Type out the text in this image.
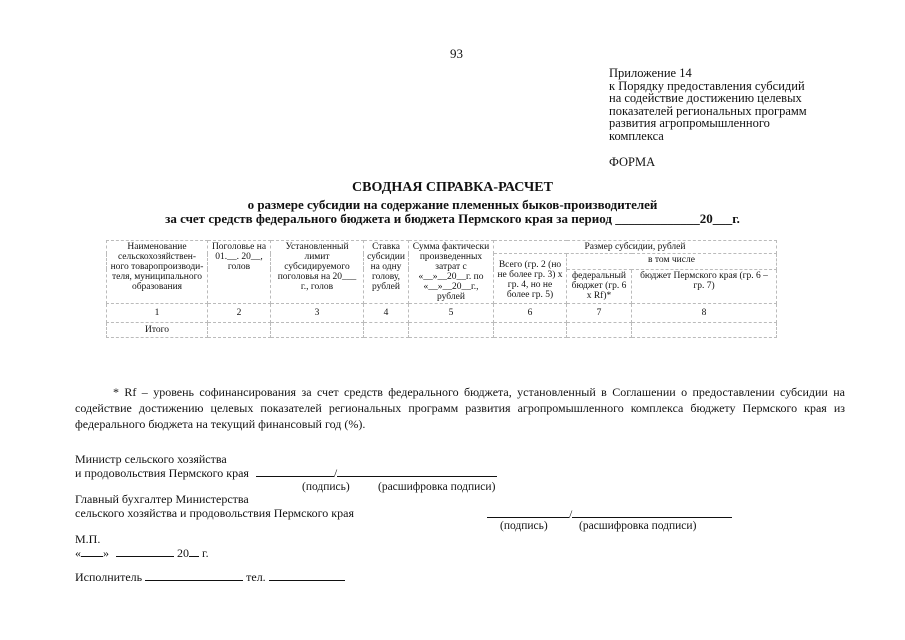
93
Приложение 14
к Порядку предоставления субсидий
на содействие достижению целевых
показателей региональных программ
развития агропромышленного
комплекса
ФОРМА
СВОДНАЯ СПРАВКА-РАСЧЕТ
о размере субсидии на содержание племенных быков-производителей
за счет средств федерального бюджета и бюджета Пермского края за период _____________20___г.
Наименование сельскохозяйствен-ного товаропроизводи-теля, муниципального образования	Поголовье на 01.__. 20__, голов	Установленный лимит субсидируемого поголовья на 20___ г., голов	Ставка субсидии на одну голову, рублей	Сумма фактически произведенных затрат с «__»__20__г. по «__»__20__г., рублей	Размер субсидии, рублей		
					Всего (гр. 2 (но не более гр. 3) х гр. 4, но не более гр. 5)	в том числе	
						федеральный бюджет (гр. 6 х Rf)*	бюджет Пермского края (гр. 6 – гр. 7)
1	2	3	4	5	6	7	8
Итого							
* Rf – уровень софинансирования за счет средств федерального бюджета, установленный в Соглашении о предоставлении субсидии на содействие достижению целевых показателей региональных программ развития агропромышленного комплекса бюджету Пермского края из федерального бюджета на текущий финансовый год (%).
Министр сельского хозяйства
и продовольствия Пермского края	/
(подпись) (расшифровка подписи)
Главный бухгалтер Министерства
сельского хозяйства и продовольствия Пермского края	/
(подпись)	(расшифровка подписи)
М.П.
« »	20 г.
Исполнитель	тел.
